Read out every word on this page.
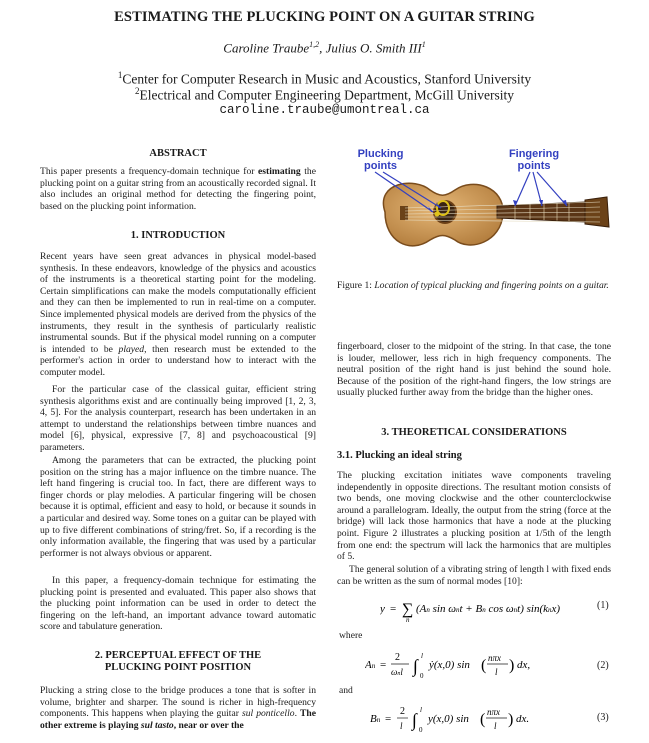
ESTIMATING THE PLUCKING POINT ON A GUITAR STRING
Caroline Traube$^{1,2}$, Julius O. Smith III$^1$
$^1$Center for Computer Research in Music and Acoustics, Stanford University
$^2$Electrical and Computer Engineering Department, McGill University
caroline.traube@umontreal.ca
ABSTRACT

This paper presents a frequency-domain technique for estimating the plucking point on a guitar string from an acoustically recorded signal. It also includes an original method for detecting the fingering point, based on the plucking point information.

1. INTRODUCTION

Recent years have seen great advances in physical model-based synthesis. In these endeavors, knowledge of the physics and acoustics of the instruments is a theoretical starting point for the modeling. Certain simplifications can make the models computationally efficient and they can then be implemented to run in real-time on a computer. Since implemented physical models are derived from the physics of the instruments, they result in the synthesis of particularly realistic instrumental sounds. But if the physical model running on a computer is intended to be played, then research must be extended to the performer's action in order to understand how to interact with the computer model.

For the particular case of the classical guitar, efficient string synthesis algorithms exist and are continually being improved [1, 2, 3, 4, 5]. For the analysis counterpart, research has been undertaken in an attempt to understand the relationships between timbre nuances and model [6], physical, expressive [7, 8] and psychoacoustical [9] parameters.

Among the parameters that can be extracted, the plucking point position on the string has a major influence on the timbre nuance. The left hand fingering is crucial too. In fact, there are different ways to finger chords or play melodies. A particular fingering will be chosen because it is optimal, efficient and easy to hold, or because it sounds in a particular and desired way. Some tones on a guitar can be played with up to five different combinations of string/fret. So, if a recording is the only information available, the fingering that was used by a particular performer is not always obvious or apparent.

In this paper, a frequency-domain technique for estimating the plucking point is presented and evaluated. This paper also shows that the plucking point information can be used in order to detect the fingering on the left-hand, an important advance toward automatic score and tabulature generation.

2. PERCEPTUAL EFFECT OF THE
PLUCKING POINT POSITION

Plucking a string close to the bridge produces a tone that is softer in volume, brighter and sharper. The sound is richer in high-frequency components. This happens when playing the guitar sul ponticello. The other extreme is playing sul tasto, near or over the

Plucking
points
Fingering
points

Figure 1: Location of typical plucking and fingering points on a guitar.

fingerboard, closer to the midpoint of the string. In that case, the tone is louder, mellower, less rich in high frequency components. The neutral position of the right hand is just behind the sound hole. Because of the position of the right-hand fingers, the low strings are usually plucked further away from the bridge than the higher ones.

3. THEORETICAL CONSIDERATIONS
3.1. Plucking an ideal string

The plucking excitation initiates wave components traveling independently in opposite directions. The resultant motion consists of two bends, one moving clockwise and the other counterclockwise around a parallelogram. Ideally, the output from the string (force at the bridge) will lack those harmonics that have a node at the plucking point. Figure 2 illustrates a plucking position at 1/5th of the length from one end: the spectrum will lack the harmonics that are multiples of 5.

The general solution of a vibrating string of length l with fixed ends can be written as the sum of normal modes [10]:

y = ∑
n
(An sin ωnt + Bn cos ωnt) sin(knx)	(1)
where
An =
2
ωnl ∫ l
0
ẏ(x,0) sin ( nπx
l ) dx,	(2)
and
Bn =
2
l ∫ l
0
y(x,0) sin ( nπx
l ) dx.	(3)
